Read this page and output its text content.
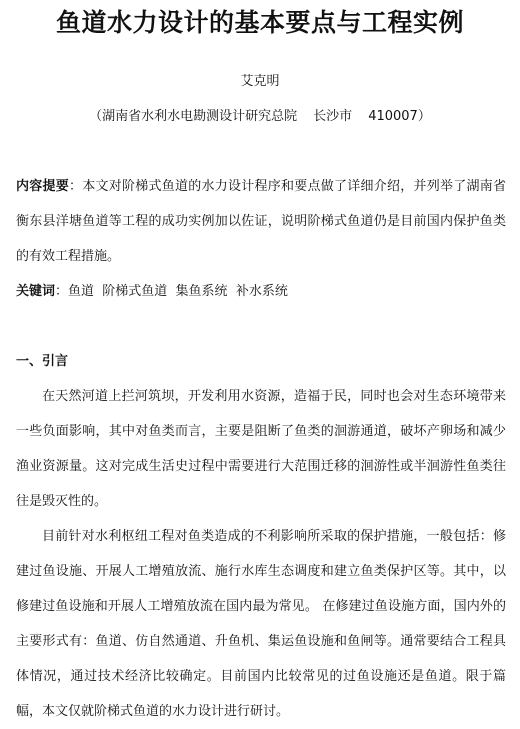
鱼道水力设计的基本要点与工程实例
艾克明
（湖南省水利水电勘测设计研究总院 长沙市 410007）
内容提要：本文对阶梯式鱼道的水力设计程序和要点做了详细介绍，并列举了湖南省衡东县洋塘鱼道等工程的成功实例加以佐证，说明阶梯式鱼道仍是目前国内保护鱼类的有效工程措施。
关键词：鱼道  阶梯式鱼道  集鱼系统  补水系统
一、引言
在天然河道上拦河筑坝，开发利用水资源，造福于民，同时也会对生态环境带来一些负面影响，其中对鱼类而言，主要是阻断了鱼类的洄游通道，破坏产卵场和减少渔业资源量。这对完成生活史过程中需要进行大范围迁移的洄游性或半洄游性鱼类往往是毁灭性的。
目前针对水利枢纽工程对鱼类造成的不利影响所采取的保护措施，一般包括：修建过鱼设施、开展人工增殖放流、施行水库生态调度和建立鱼类保护区等。其中，以修建过鱼设施和开展人工增殖放流在国内最为常见。 在修建过鱼设施方面，国内外的主要形式有：鱼道、仿自然通道、升鱼机、集运鱼设施和鱼闸等。通常要结合工程具体情况，通过技术经济比较确定。目前国内比较常见的过鱼设施还是鱼道。限于篇幅，本文仅就阶梯式鱼道的水力设计进行研讨。
